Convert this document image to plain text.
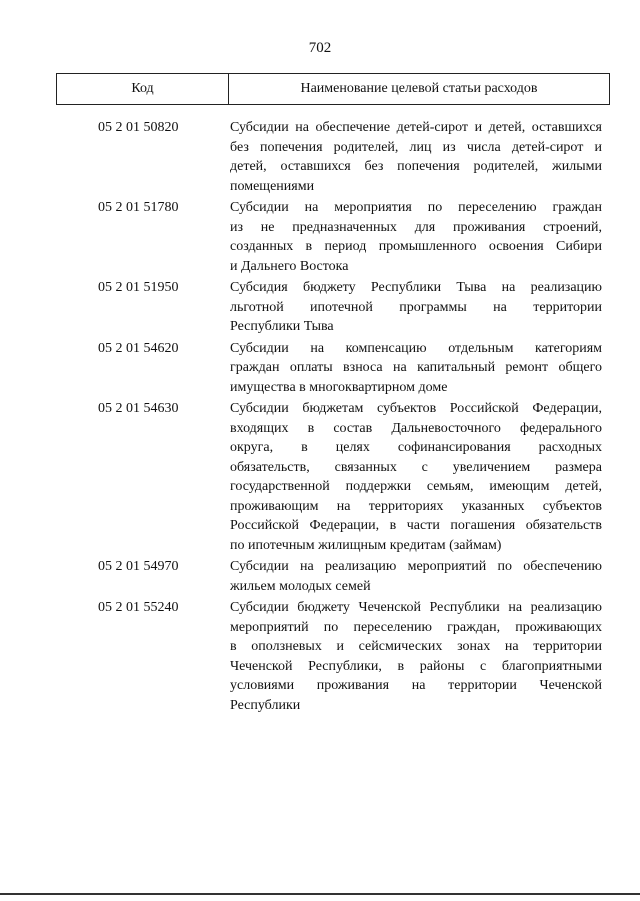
702
Код	Наименование целевой статьи расходов
05 2 01 50820	Субсидии на обеспечение детей-сирот и детей, оставшихся
без попечения родителей, лиц из числа детей-сирот и
детей, оставшихся без попечения родителей, жилыми
помещениями
05 2 01 51780	Субсидии на мероприятия по переселению граждан
из не предназначенных для проживания строений,
созданных в период промышленного освоения Сибири
и Дальнего Востока
05 2 01 51950	Субсидия бюджету Республики Тыва на реализацию
льготной ипотечной программы на территории
Республики Тыва
05 2 01 54620	Субсидии на компенсацию отдельным категориям
граждан оплаты взноса на капитальный ремонт общего
имущества в многоквартирном доме
05 2 01 54630	Субсидии бюджетам субъектов Российской Федерации,
входящих в состав Дальневосточного федерального
округа, в целях софинансирования расходных
обязательств, связанных с увеличением размера
государственной поддержки семьям, имеющим детей,
проживающим на территориях указанных субъектов
Российской Федерации, в части погашения обязательств
по ипотечным жилищным кредитам (займам)
05 2 01 54970	Субсидии на реализацию мероприятий по обеспечению
жильем молодых семей
05 2 01 55240	Субсидии бюджету Чеченской Республики на реализацию
мероприятий по переселению граждан, проживающих
в оползневых и сейсмических зонах на территории
Чеченской Республики, в районы с благоприятными
условиями проживания на территории Чеченской
Республики
